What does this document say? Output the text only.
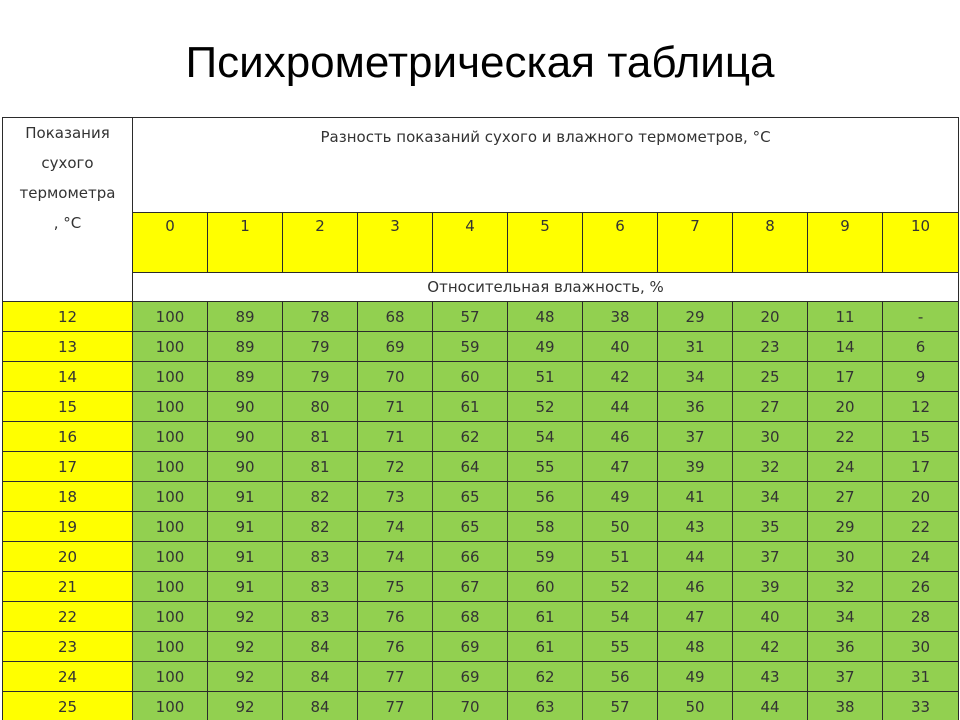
Психрометрическая таблица
Показания
сухого
термометра
, °С	Разность показаний сухого и влажного термометров, °С										

	0	1	2	3	4	5	6	7	8	9	10

	Относительная влажность, %										
12	100	89	78	68	57	48	38	29	20	11	-
13	100	89	79	69	59	49	40	31	23	14	6
14	100	89	79	70	60	51	42	34	25	17	9
15	100	90	80	71	61	52	44	36	27	20	12
16	100	90	81	71	62	54	46	37	30	22	15
17	100	90	81	72	64	55	47	39	32	24	17
18	100	91	82	73	65	56	49	41	34	27	20
19	100	91	82	74	65	58	50	43	35	29	22
20	100	91	83	74	66	59	51	44	37	30	24
21	100	91	83	75	67	60	52	46	39	32	26
22	100	92	83	76	68	61	54	47	40	34	28
23	100	92	84	76	69	61	55	48	42	36	30
24	100	92	84	77	69	62	56	49	43	37	31
25	100	92	84	77	70	63	57	50	44	38	33
